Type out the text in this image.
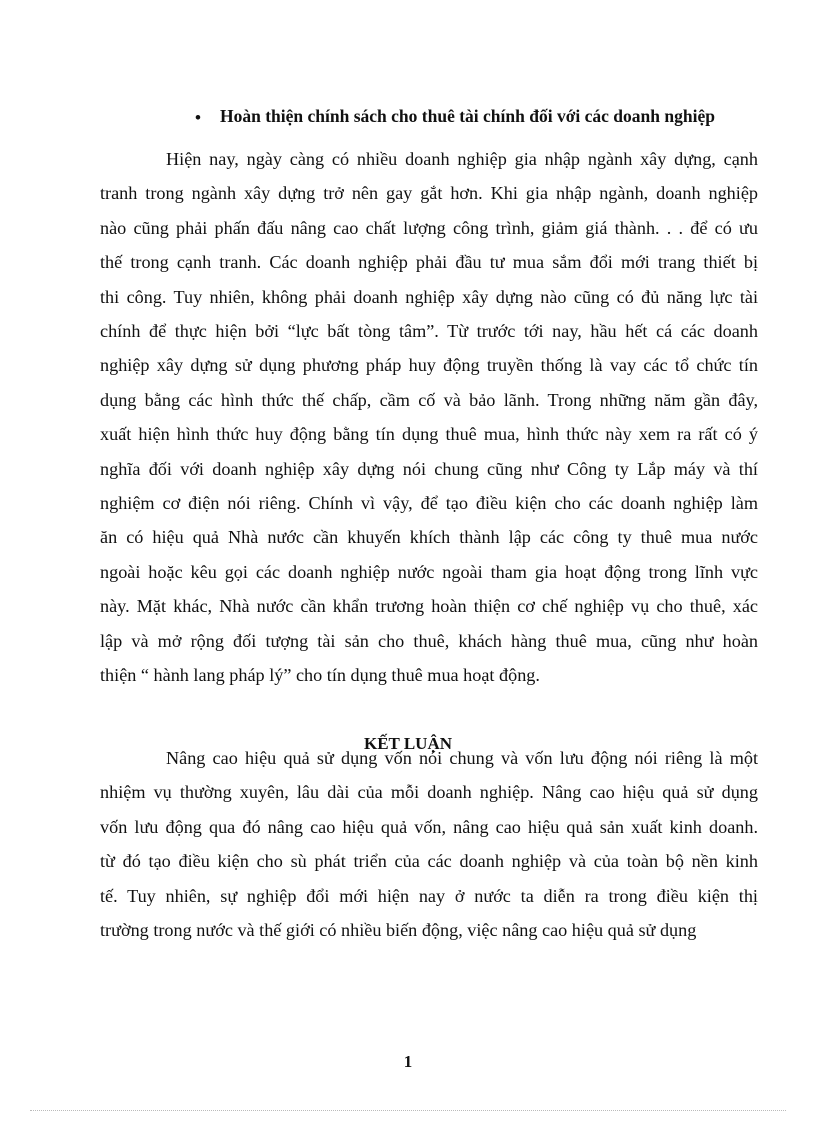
• Hoàn thiện chính sách cho thuê tài chính đối với các doanh nghiệp
Hiện nay, ngày càng có nhiều doanh nghiệp gia nhập ngành xây dựng, cạnh
tranh trong ngành xây dựng trở nên gay gắt hơn. Khi gia nhập ngành, doanh nghiệp
nào cũng phải phấn đấu nâng cao chất lượng công trình, giảm giá thành. . . để có ưu
thế trong cạnh tranh. Các doanh nghiệp phải đầu tư mua sắm đổi mới trang thiết bị
thi công. Tuy nhiên, không phải doanh nghiệp xây dựng nào cũng có đủ năng lực tài
chính để thực hiện bởi “lực bất tòng tâm”. Từ trước tới nay, hầu hết cá các doanh
nghiệp xây dựng sử dụng phương pháp huy động truyền thống là vay các tổ chức tín
dụng bằng các hình thức thế chấp, cầm cố và bảo lãnh. Trong những năm gần đây,
xuất hiện hình thức huy động bằng tín dụng thuê mua, hình thức này xem ra rất có ý
nghĩa đối với doanh nghiệp xây dựng nói chung cũng như Công ty Lắp máy và thí
nghiệm cơ điện nói riêng. Chính vì vậy, để tạo điều kiện cho các doanh nghiệp làm
ăn có hiệu quả Nhà nước cần khuyến khích thành lập các công ty thuê mua nước
ngoài hoặc kêu gọi các doanh nghiệp nước ngoài tham gia hoạt động trong lĩnh vực
này. Mặt khác, Nhà nước cần khẩn trương hoàn thiện cơ chế nghiệp vụ cho thuê, xác
lập và mở rộng đối tượng tài sản cho thuê, khách hàng thuê mua, cũng như hoàn
thiện “ hành lang pháp lý” cho tín dụng thuê mua hoạt động.
KẾT LUẬN
Nâng cao hiệu quả sử dụng vốn nói chung và vốn lưu động nói riêng là một
nhiệm vụ thường xuyên, lâu dài của mỗi doanh nghiệp. Nâng cao hiệu quả sử dụng
vốn lưu động qua đó nâng cao hiệu quả vốn, nâng cao hiệu quả sản xuất kinh doanh.
từ đó tạo điều kiện cho sù phát triển của các doanh nghiệp và của toàn bộ nền kinh
tế. Tuy nhiên, sự nghiệp đổi mới hiện nay ở nước ta diễn ra trong điều kiện thị
trường trong nước và thế giới có nhiều biến động, việc nâng cao hiệu quả sử dụng
1
